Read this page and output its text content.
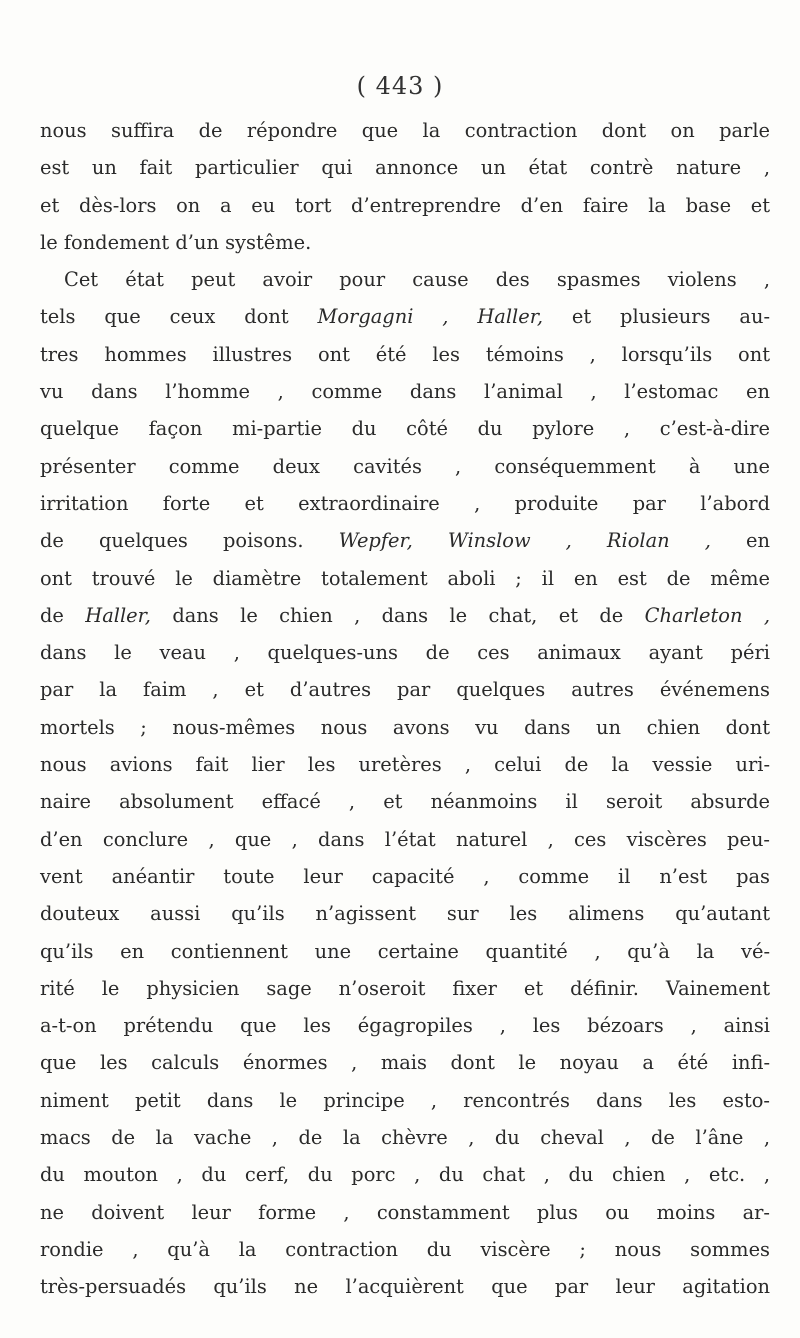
( 443 )
nous suffira de répondre que la contraction dont on parle
est un fait particulier qui annonce un état contrè nature ,
et dès-lors on a eu tort d’entreprendre d’en faire la base et
le fondement d’un systême.
Cet état peut avoir pour cause des spasmes violens ,
tels que ceux dont Morgagni , Haller, et plusieurs au-
tres hommes illustres ont été les témoins , lorsqu’ils ont
vu dans l’homme , comme dans l’animal , l’estomac en
quelque façon mi-partie du côté du pylore , c’est-à-dire
présenter comme deux cavités , conséquemment à une
irritation forte et extraordinaire , produite par l’abord
de quelques poisons. Wepfer, Winslow , Riolan , en
ont trouvé le diamètre totalement aboli ; il en est de même
de Haller, dans le chien , dans le chat, et de Charleton ,
dans le veau , quelques-uns de ces animaux ayant péri
par la faim , et d’autres par quelques autres événemens
mortels ; nous-mêmes nous avons vu dans un chien dont
nous avions fait lier les uretères , celui de la vessie uri-
naire absolument effacé , et néanmoins il seroit absurde
d’en conclure , que , dans l’état naturel , ces viscères peu-
vent anéantir toute leur capacité , comme il n’est pas
douteux aussi qu’ils n’agissent sur les alimens qu’autant
qu’ils en contiennent une certaine quantité , qu’à la vé-
rité le physicien sage n’oseroit fixer et définir. Vainement
a-t-on prétendu que les égagropiles , les bézoars , ainsi
que les calculs énormes , mais dont le noyau a été infi-
niment petit dans le principe , rencontrés dans les esto-
macs de la vache , de la chèvre , du cheval , de l’âne ,
du mouton , du cerf, du porc , du chat , du chien , etc. ,
ne doivent leur forme , constamment plus ou moins ar-
rondie , qu’à la contraction du viscère ; nous sommes
très-persuadés qu’ils ne l’acquièrent que par leur agitation
